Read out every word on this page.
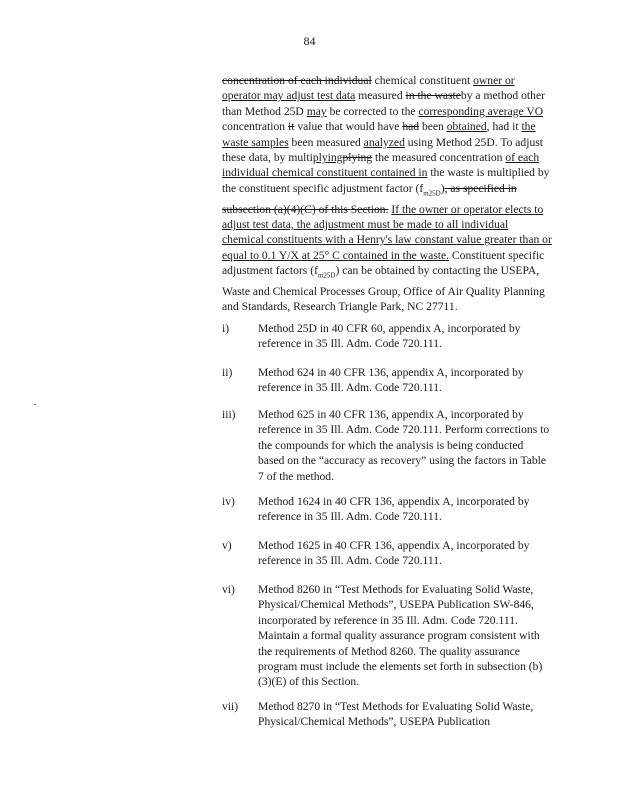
84

concentration of each individual chemical constituent owner or operator may adjust test data measured in the wasteby a method other than Method 25D may be corrected to the corresponding average VO concentration it value that would have had been obtained, had it the waste samples been measured analyzed using Method 25D. To adjust these data, by multiplyingplying the measured concentration of each individual chemical constituent contained in the waste is multiplied by the constituent specific adjustment factor $(f_{m25D})$, as specified in subsection (a)(4)(C) of this Section. If the owner or operator elects to adjust test data, the adjustment must be made to all individual chemical constituents with a Henry's law constant value greater than or equal to 0.1 Y/X at 25° C contained in the waste. Constituent specific adjustment factors $(f_{m25D})$ can be obtained by contacting the USEPA, Waste and Chemical Processes Group, Office of Air Quality Planning and Standards, Research Triangle Park, NC 27711.

i)	Method 25D in 40 CFR 60, appendix A, incorporated by reference in 35 Ill. Adm. Code 720.111.
ii)	Method 624 in 40 CFR 136, appendix A, incorporated by reference in 35 Ill. Adm. Code 720.111.
iii)	Method 625 in 40 CFR 136, appendix A, incorporated by reference in 35 Ill. Adm. Code 720.111. Perform corrections to the compounds for which the analysis is being conducted based on the “accuracy as recovery” using the factors in Table 7 of the method.
iv)	Method 1624 in 40 CFR 136, appendix A, incorporated by reference in 35 Ill. Adm. Code 720.111.
v)	Method 1625 in 40 CFR 136, appendix A, incorporated by reference in 35 Ill. Adm. Code 720.111.
vi)	Method 8260 in “Test Methods for Evaluating Solid Waste, Physical/Chemical Methods”, USEPA Publication SW-846, incorporated by reference in 35 Ill. Adm. Code 720.111. Maintain a formal quality assurance program consistent with the requirements of Method 8260. The quality assurance program must include the elements set forth in subsection (b)(3)(E) of this Section.
vii)	Method 8270 in “Test Methods for Evaluating Solid Waste, Physical/Chemical Methods”, USEPA Publication
